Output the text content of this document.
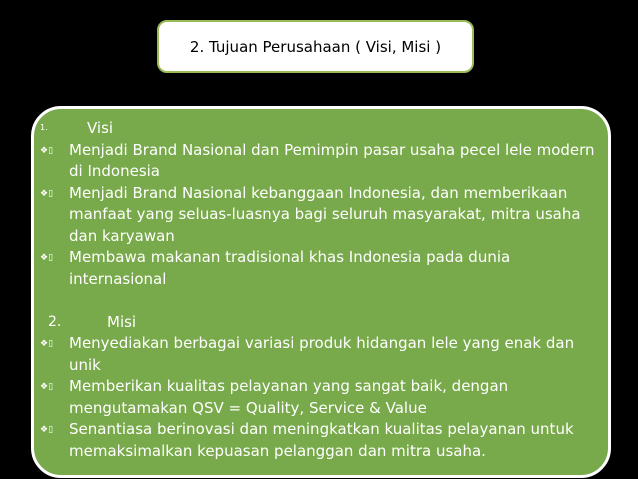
2. Tujuan Perusahaan ( Visi, Misi )
1.	Visi
❖▯	Menjadi Brand Nasional dan Pemimpin pasar usaha pecel lele modern di Indonesia
❖▯	Menjadi Brand Nasional kebanggaan Indonesia, dan memberikaan manfaat yang seluas-luasnya bagi seluruh masyarakat, mitra usaha dan karyawan
❖▯	Membawa makanan tradisional khas Indonesia pada dunia internasional
2.	Misi
❖▯	Menyediakan berbagai variasi produk hidangan lele yang enak dan unik
❖▯	Memberikan kualitas pelayanan yang sangat baik, dengan mengutamakan QSV = Quality, Service & Value
❖▯	Senantiasa berinovasi dan meningkatkan kualitas pelayanan untuk memaksimalkan kepuasan pelanggan dan mitra usaha.
